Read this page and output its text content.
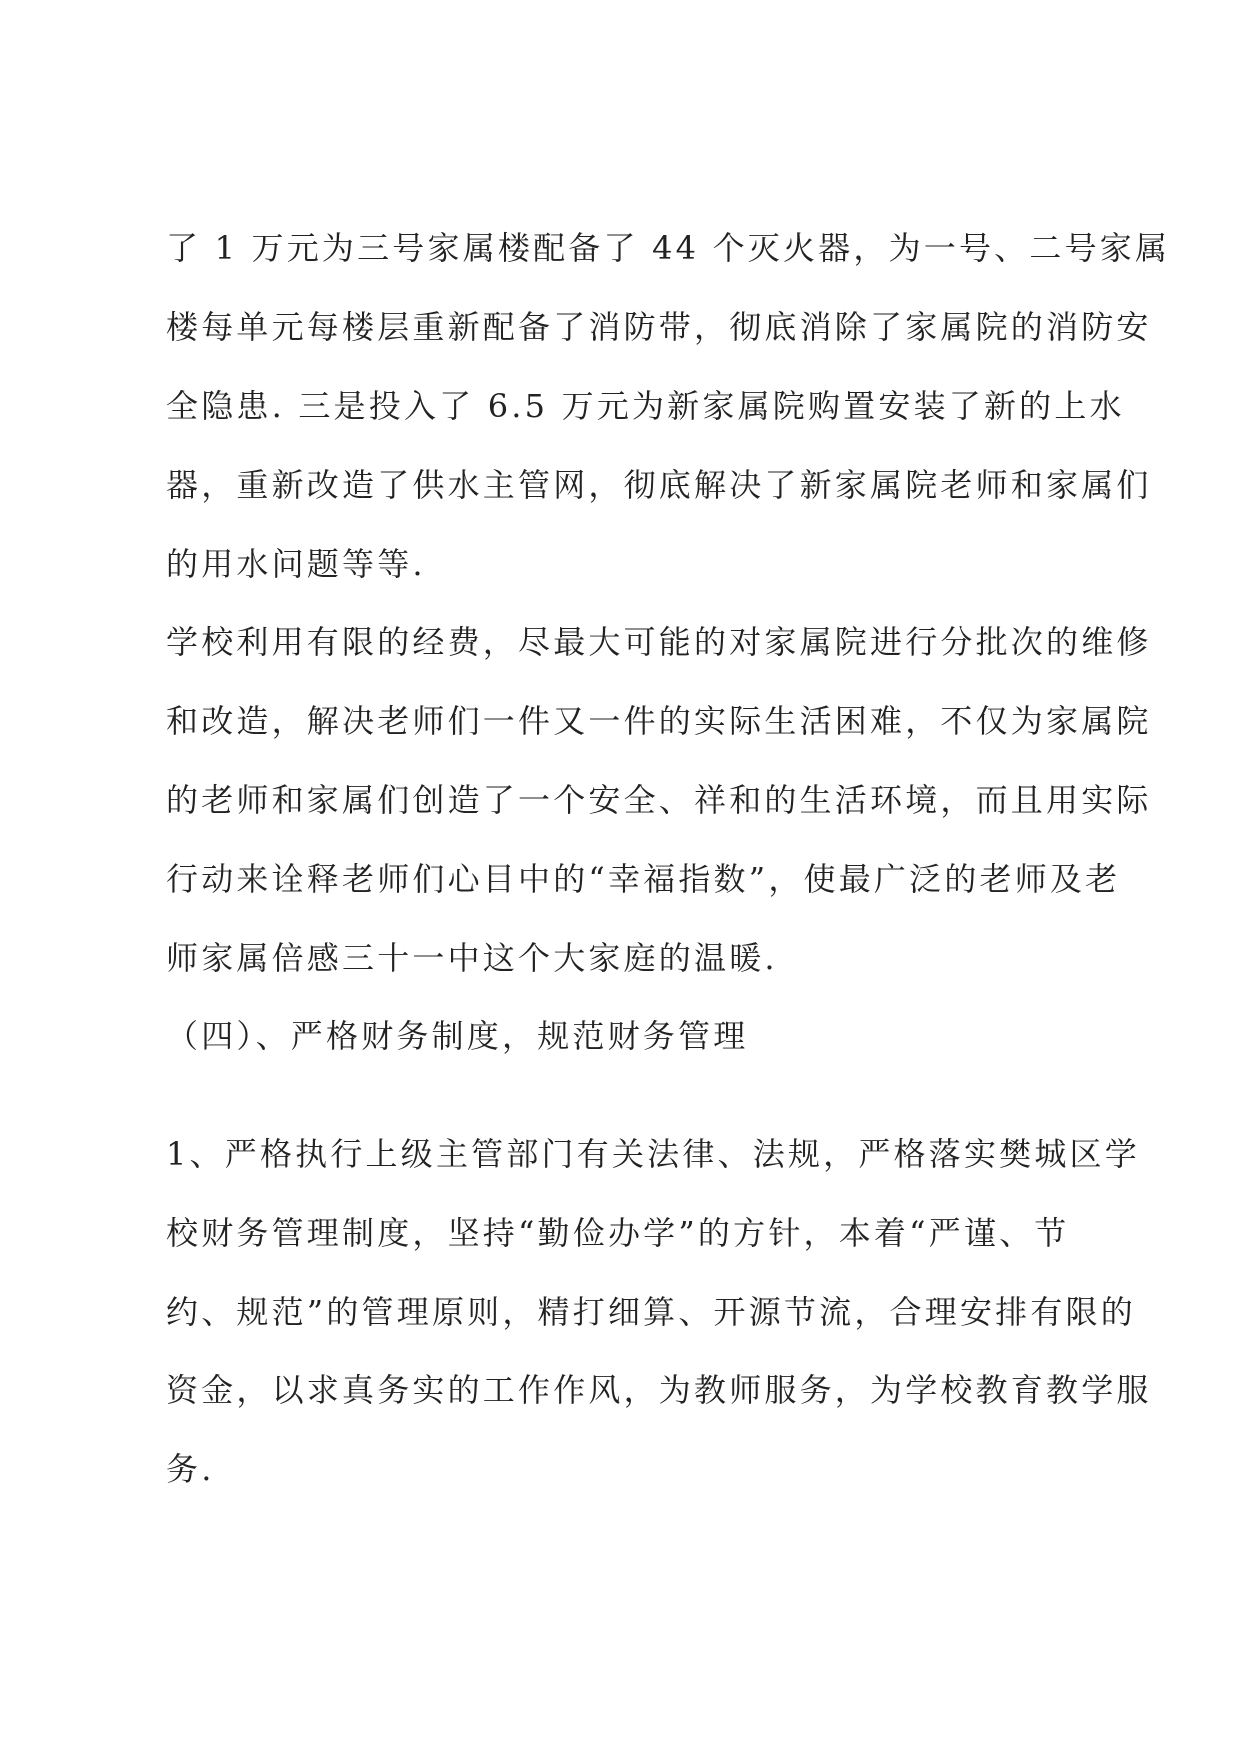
了 1 万元为三号家属楼配备了 44 个灭火器，为一号、二号家属
楼每单元每楼层重新配备了消防带，彻底消除了家属院的消防安
全隐患. 三是投入了 6.5 万元为新家属院购置安装了新的上水
器，重新改造了供水主管网，彻底解决了新家属院老师和家属们
的用水问题等等.
学校利用有限的经费，尽最大可能的对家属院进行分批次的维修
和改造，解决老师们一件又一件的实际生活困难，不仅为家属院
的老师和家属们创造了一个安全、祥和的生活环境，而且用实际
行动来诠释老师们心目中的“幸福指数”，使最广泛的老师及老
师家属倍感三十一中这个大家庭的温暖.
（四）、严格财务制度，规范财务管理
1、严格执行上级主管部门有关法律、法规，严格落实樊城区学
校财务管理制度，坚持“勤俭办学”的方针，本着“严谨、节
约、规范”的管理原则，精打细算、开源节流，合理安排有限的
资金，以求真务实的工作作风，为教师服务，为学校教育教学服
务.
